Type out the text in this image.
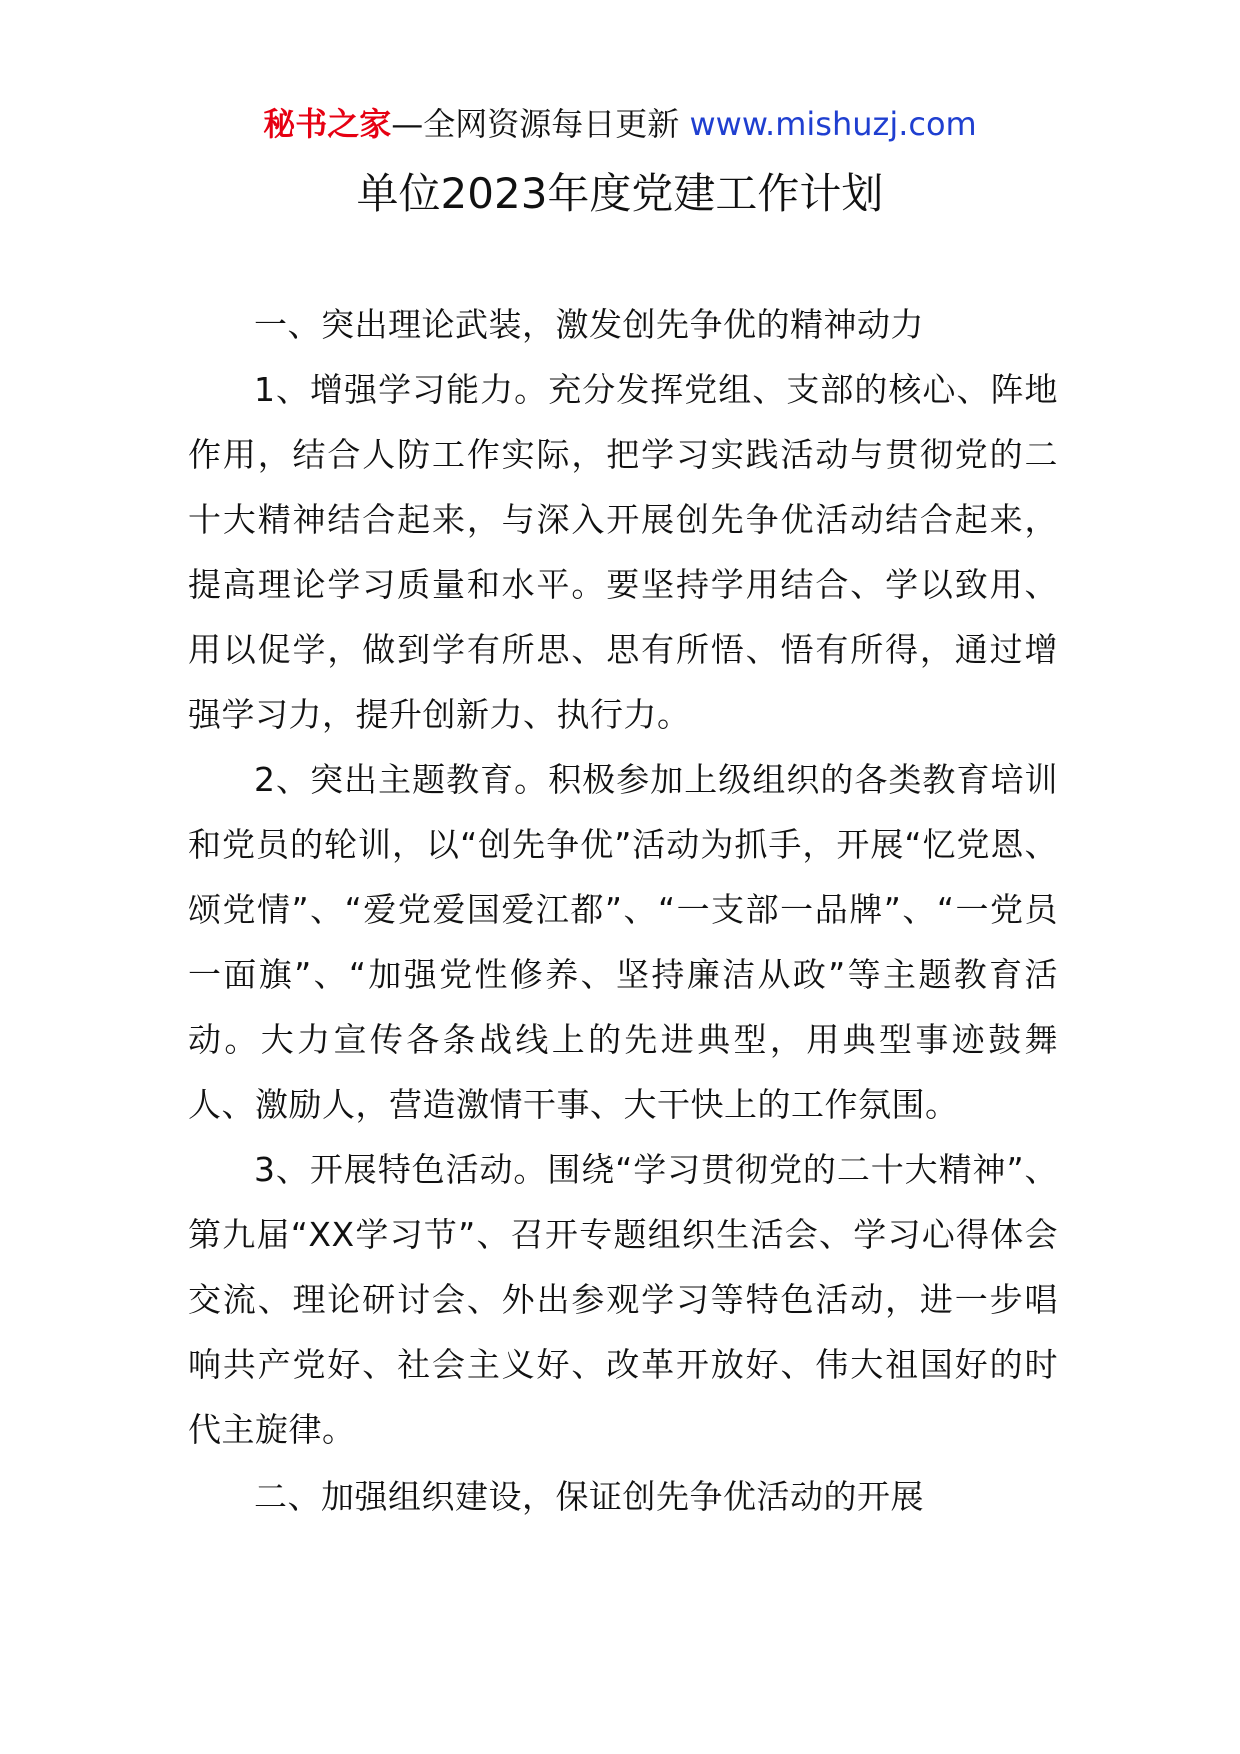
秘书之家—全网资源每日更新 www.mishuzj.com
单位2023年度党建工作计划

一、突出理论武装，激发创先争优的精神动力

1、增强学习能力。充分发挥党组、支部的核心、阵地作用，结合人防工作实际，把学习实践活动与贯彻党的二十大精神结合起来，与深入开展创先争优活动结合起来，提高理论学习质量和水平。要坚持学用结合、学以致用、用以促学，做到学有所思、思有所悟、悟有所得，通过增强学习力，提升创新力、执行力。

2、突出主题教育。积极参加上级组织的各类教育培训和党员的轮训，以“创先争优”活动为抓手，开展“忆党恩、颂党情”、“爱党爱国爱江都”、“一支部一品牌”、“一党员一面旗”、“加强党性修养、坚持廉洁从政”等主题教育活动。大力宣传各条战线上的先进典型，用典型事迹鼓舞人、激励人，营造激情干事、大干快上的工作氛围。

3、开展特色活动。围绕“学习贯彻党的二十大精神”、第九届“XX学习节”、召开专题组织生活会、学习心得体会交流、理论研讨会、外出参观学习等特色活动，进一步唱响共产党好、社会主义好、改革开放好、伟大祖国好的时代主旋律。

二、加强组织建设，保证创先争优活动的开展
